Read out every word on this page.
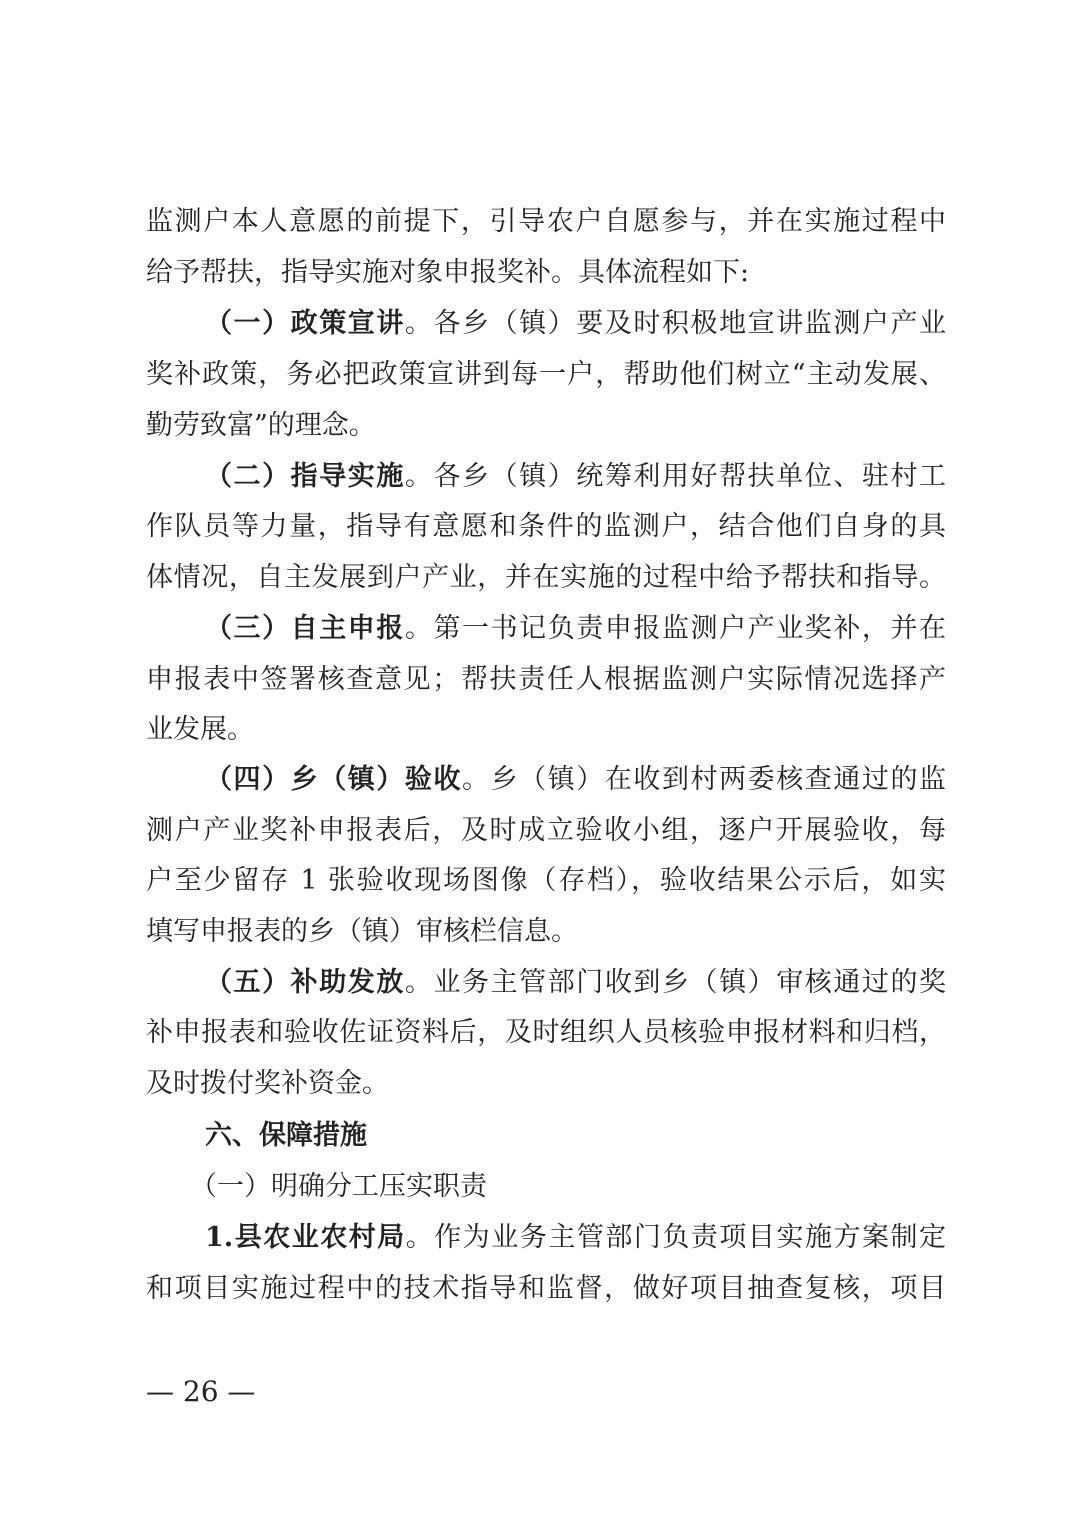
监测户本人意愿的前提下，引导农户自愿参与，并在实施过程中
给予帮扶，指导实施对象申报奖补。具体流程如下:
（一）政策宣讲。各乡（镇）要及时积极地宣讲监测户产业
奖补政策，务必把政策宣讲到每一户，帮助他们树立“主动发展、
勤劳致富”的理念。
（二）指导实施。各乡（镇）统筹利用好帮扶单位、驻村工
作队员等力量，指导有意愿和条件的监测户，结合他们自身的具
体情况，自主发展到户产业，并在实施的过程中给予帮扶和指导。
（三）自主申报。第一书记负责申报监测户产业奖补，并在
申报表中签署核查意见；帮扶责任人根据监测户实际情况选择产
业发展。
（四）乡（镇）验收。乡（镇）在收到村两委核查通过的监
测户产业奖补申报表后，及时成立验收小组，逐户开展验收，每
户至少留存 1 张验收现场图像（存档），验收结果公示后，如实
填写申报表的乡（镇）审核栏信息。
（五）补助发放。业务主管部门收到乡（镇）审核通过的奖
补申报表和验收佐证资料后，及时组织人员核验申报材料和归档，
及时拨付奖补资金。
六、保障措施
（一）明确分工压实职责
1.县农业农村局。作为业务主管部门负责项目实施方案制定
和项目实施过程中的技术指导和监督，做好项目抽查复核，项目
— 26 —
